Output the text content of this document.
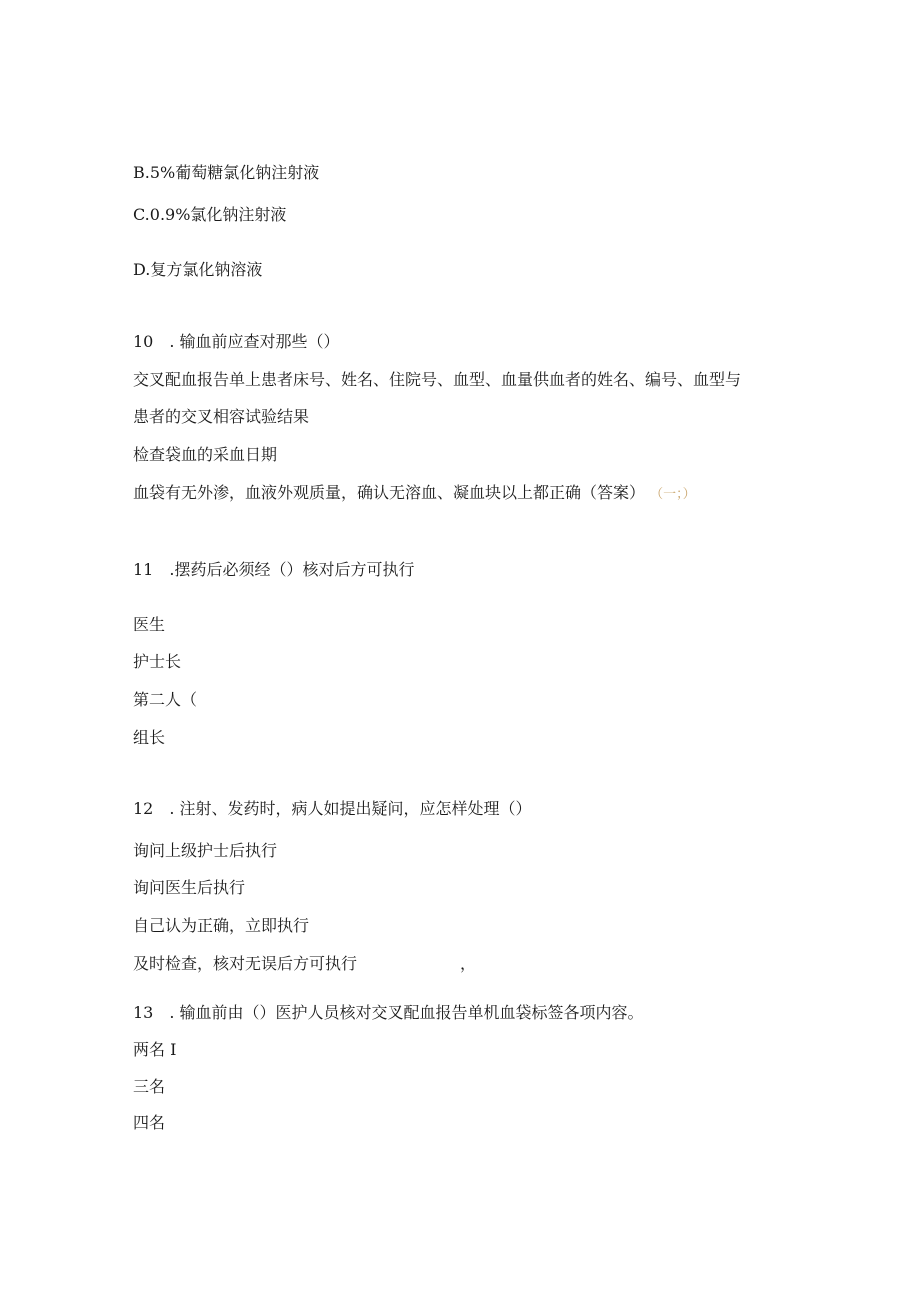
B.5%葡萄糖氯化钠注射液
C.0.9%氯化钠注射液
D.复方氯化钠溶液
10　. 输血前应查对那些（）
交叉配血报告单上患者床号、姓名、住院号、血型、血量供血者的姓名、编号、血型与
患者的交叉相容试验结果
检查袋血的采血日期
血袋有无外渗，血液外观质量，确认无溶血、凝血块以上都正确（答案） （一；）
11　.摆药后必须经（）核对后方可执行
医生
护士长
第二人（
组长
12　. 注射、发药时，病人如提出疑问，应怎样处理（）
询问上级护士后执行
询问医生后执行
自己认为正确，立即执行
及时检查，核对无误后方可执行	，
13　. 输血前由（）医护人员核对交叉配血报告单机血袋标签各项内容。
两名 I
三名
四名
